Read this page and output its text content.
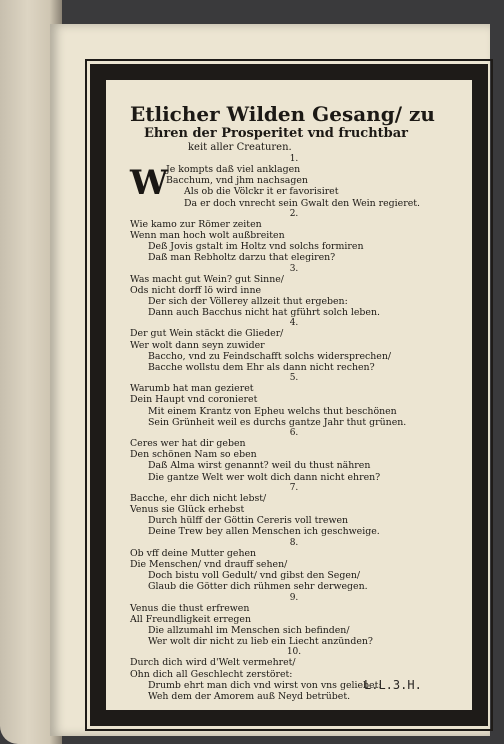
Etlicher Wilden Gesang/ zu

Ehren der Prosperitet vnd fruchtbar

keit aller Creaturen.

1.
W
Je kompts daß viel anklagen
Bacchum, vnd jhm nachsagen
Als ob die Völckr it er favorisiret
Da er doch vnrecht sein Gwalt den Wein regieret.
2.
Wie kamo zur Römer zeiten
Wenn man hoch wolt außbreiten
Deß Jovis gstalt im Holtz vnd solchs formiren
Daß man Rebholtz darzu that elegiren?
3.
Was macht gut Wein? gut Sinne/
Ods nicht dorff lö wird inne
Der sich der Völlerey allzeit thut ergeben:
Dann auch Bacchus nicht hat gführt solch leben.
4.
Der gut Wein stäckt die Glieder/
Wer wolt dann seyn zuwider
Baccho, vnd zu Feindschafft solchs widersprechen/
Bacche wollstu dem Ehr als dann nicht rechen?
5.
Warumb hat man gezieret
Dein Haupt vnd coronieret
Mit einem Krantz von Epheu welchs thut beschönen
Sein Grünheit weil es durchs gantze Jahr thut grünen.
6.
Ceres wer hat dir geben
Den schönen Nam so eben
Daß Alma wirst genannt? weil du thust nähren
Die gantze Welt wer wolt dich dann nicht ehren?
7.
Bacche, ehr dich nicht lebst/
Venus sie Glück erhebst
Durch hülff der Göttin Cereris voll trewen
Deine Trew bey allen Menschen ich geschweige.
8.
Ob vff deine Mutter gehen
Die Menschen/ vnd drauff sehen/
Doch bistu voll Gedult/ vnd gibst den Segen/
Glaub die Götter dich rühmen sehr derwegen.
9.
Venus die thust erfrewen
All Freundligkeit erregen
Die allzumahl im Menschen sich befinden/
Wer wolt dir nicht zu lieb ein Liecht anzünden?
10.
Durch dich wird d'Welt vermehret/
Ohn dich all Geschlecht zerstöret:
Drumb ehrt man dich vnd wirst von vns geliebet:
Weh dem der Amorem auß Neyd betrübet.
L.L.3.H.
